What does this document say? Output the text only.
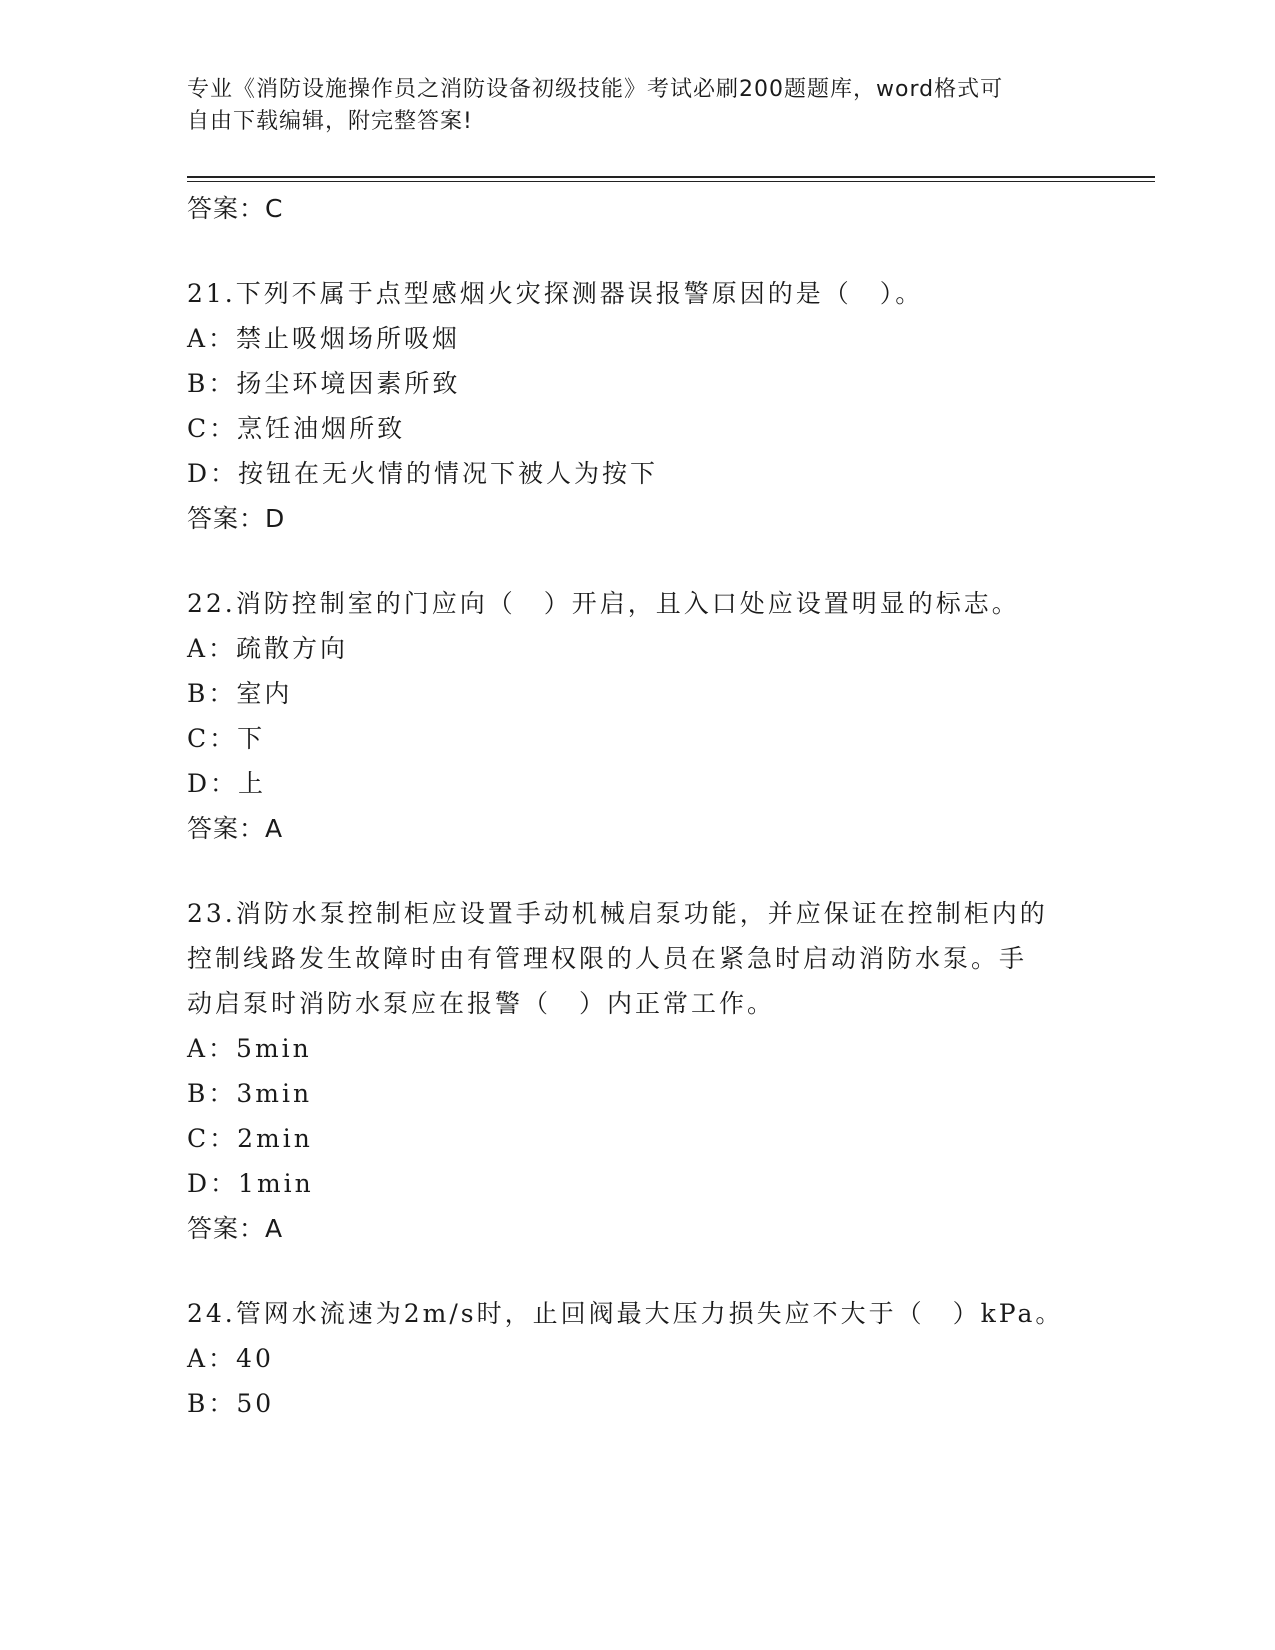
专业《消防设施操作员之消防设备初级技能》考试必刷200题题库，word格式可
自由下载编辑，附完整答案!
答案：C
21.下列不属于点型感烟火灾探测器误报警原因的是（　）。
A：禁止吸烟场所吸烟
B：扬尘环境因素所致
C：烹饪油烟所致
D：按钮在无火情的情况下被人为按下
答案：D
22.消防控制室的门应向（　）开启，且入口处应设置明显的标志。
A：疏散方向
B：室内
C：下
D：上
答案：A
23.消防水泵控制柜应设置手动机械启泵功能，并应保证在控制柜内的
控制线路发生故障时由有管理权限的人员在紧急时启动消防水泵。手
动启泵时消防水泵应在报警（　）内正常工作。
A：5min
B：3min
C：2min
D：1min
答案：A
24.管网水流速为2m/s时，止回阀最大压力损失应不大于（　）kPa。
A：40
B：50
